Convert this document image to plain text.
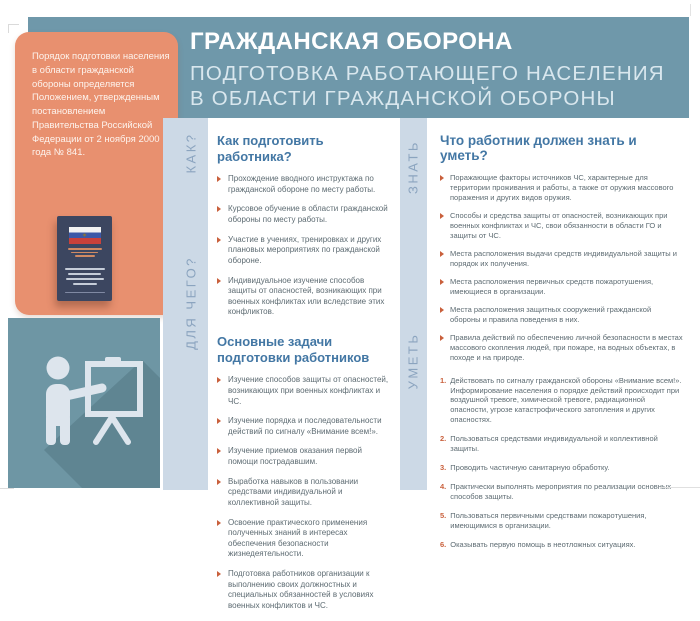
ГРАЖДАНСКАЯ ОБОРОНА
ПОДГОТОВКА РАБОТАЮЩЕГО НАСЕЛЕНИЯ
В ОБЛАСТИ ГРАЖДАНСКОЙ ОБОРОНЫ

Порядок подготовки населения в области гражданской обороны определяется Положением, утвержденным постановлением Правительства Российской Федерации от 2 ноября 2000 года № 841.

✶
КАК?
ДЛЯ ЧЕГО?
ЗНАТЬ
УМЕТЬ
Как подготовить работника?
Прохождение вводного инструктажа по гражданской обороне по месту работы.
Курсовое обучение в области гражданской обороны по месту работы.
Участие в учениях, тренировках и других плановых мероприятиях по гражданской обороне.
Индивидуальное изучение способов защиты от опасностей, возникающих при военных конфликтах или вследствие этих конфликтов.
Основные задачи подготовки работников
Изучение способов защиты от опасностей, возникающих при военных конфликтах и ЧС.
Изучение порядка и последовательности действий по сигналу «Внимание всем!».
Изучение приемов оказания первой помощи пострадавшим.
Выработка навыков в пользовании средствами индивидуальной и коллективной защиты.
Освоение практического применения полученных знаний в интересах обеспечения безопасности жизнедеятельности.
Подготовка работников организации к выполнению своих должностных и специальных обязанностей в условиях военных конфликтов и ЧС.
Что работник должен знать и уметь?
Поражающие факторы источников ЧС, характерные для территории проживания и работы, а также от оружия массового поражения и других видов оружия.
Способы и средства защиты от опасностей, возникающих при военных конфликтах и ЧС, свои обязанности в области ГО и защиты от ЧС.
Места расположения выдачи средств индивидуальной защиты и порядок их получения.
Места расположения первичных средств пожаротушения, имеющиеся в организации.
Места расположения защитных сооружений гражданской обороны и правила поведения в них.
Правила действий по обеспечению личной безопасности в местах массового скопления людей, при пожаре, на водных объектах, в походе и на природе.
1. Действовать по сигналу гражданской обороны «Внимание всем!». Информирование населения о порядке действий происходит при воздушной тревоге, химической тревоге, радиационной опасности, угрозе катастрофического затопления и других опасностях.
2. Пользоваться средствами индивидуальной и коллективной защиты.
3. Проводить частичную санитарную обработку.
4. Практически выполнять мероприятия по реализации основных способов защиты.
5. Пользоваться первичными средствами пожаротушения, имеющимися в организации.
6. Оказывать первую помощь в неотложных ситуациях.
